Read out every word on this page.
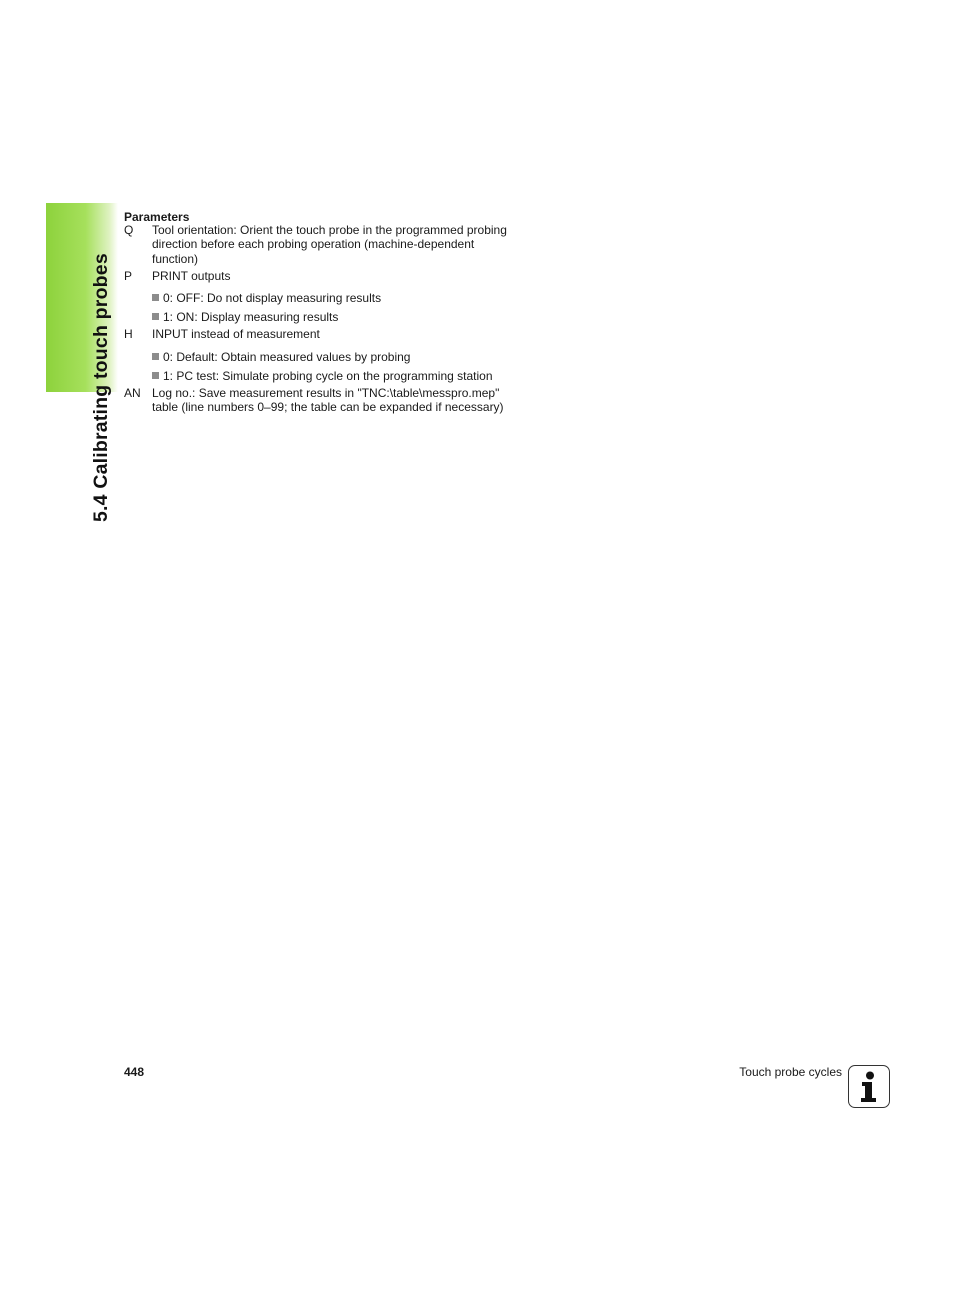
5.4 Calibrating touch probes
Parameters
Q Tool orientation: Orient the touch probe in the programmed probing direction before each probing operation (machine-dependent function)
P PRINT outputs
0: OFF: Do not display measuring results
1: ON: Display measuring results
H INPUT instead of measurement
0: Default: Obtain measured values by probing
1: PC test: Simulate probing cycle on the programming station
AN Log no.: Save measurement results in "TNC:\table\messpro.mep" table (line numbers 0–99; the table can be expanded if necessary)
448	Touch probe cycles
